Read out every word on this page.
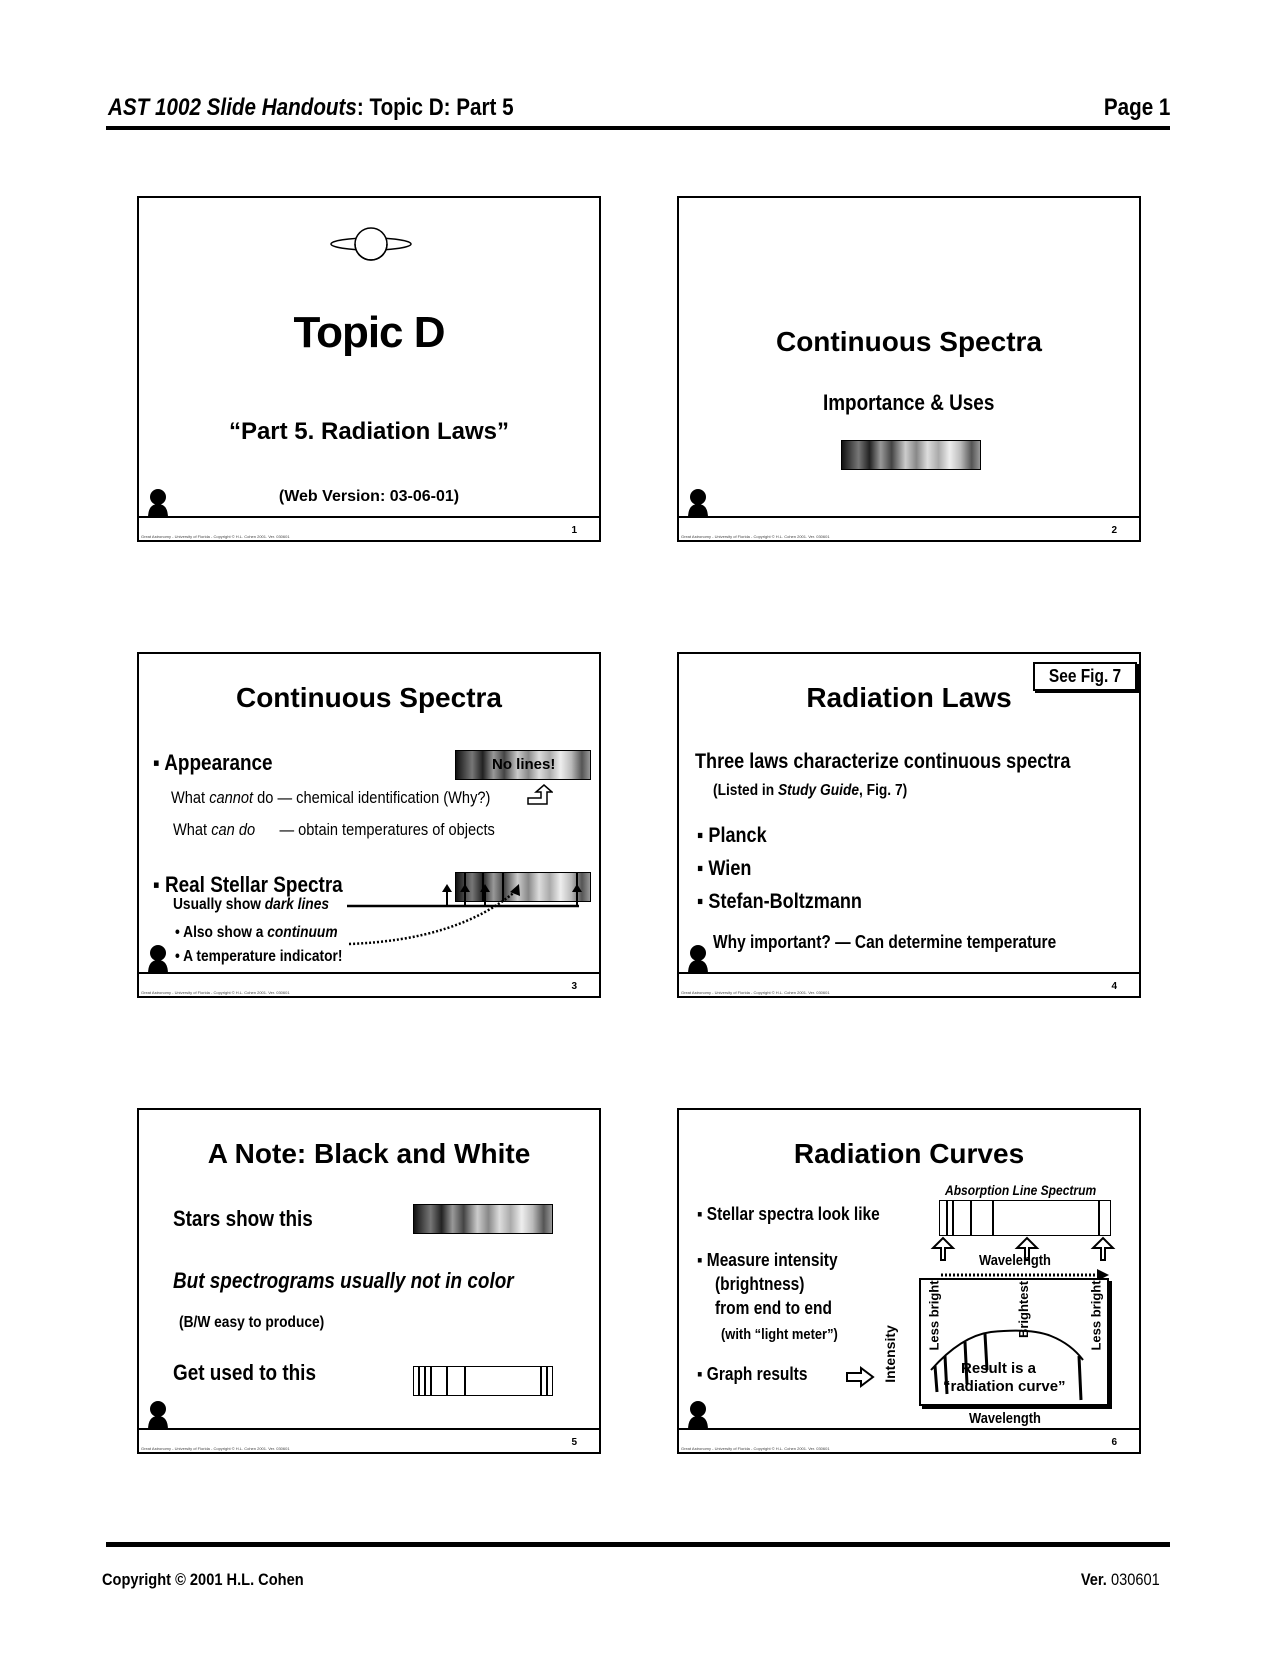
AST 1002 Slide Handouts: Topic D: Part 5	Page 1
Topic D
“Part 5. Radiation Laws”
(Web Version: 03-06-01)
Great Astronomy - University of Florida - Copyright © H.L. Cohen 2001. Ver. 030601
1
Continuous Spectra
Importance & Uses
Great Astronomy - University of Florida - Copyright © H.L. Cohen 2001. Ver. 030601
2
Continuous Spectra
▪ Appearance	No lines!
What cannot do — chemical identification (Why?)
What can do — obtain temperatures of objects
▪ Real Stellar Spectra
Usually show dark lines
• Also show a continuum
• A temperature indicator!
Great Astronomy - University of Florida - Copyright © H.L. Cohen 2001. Ver. 030601
3
Radiation Laws
See Fig. 7
Three laws characterize continuous spectra
(Listed in Study Guide, Fig. 7)
▪ Planck
▪ Wien
▪ Stefan-Boltzmann
Why important? — Can determine temperature
Great Astronomy - University of Florida - Copyright © H.L. Cohen 2001. Ver. 030601
4
A Note: Black and White
Stars show this
But spectrograms usually not in color
(B/W easy to produce)
Get used to this
Great Astronomy - University of Florida - Copyright © H.L. Cohen 2001. Ver. 030601
5
Radiation Curves
Absorption Line Spectrum
▪ Stellar spectra look like
▪ Measure intensity
(brightness)
from end to end
(with “light meter”)
▪ Graph results
Wavelength
Less bright	Brightest	Less bright
Result is a
“radiation curve”
Intensity
Wavelength
Great Astronomy - University of Florida - Copyright © H.L. Cohen 2001. Ver. 030601
6
Copyright © 2001 H.L. Cohen	Ver. 030601
